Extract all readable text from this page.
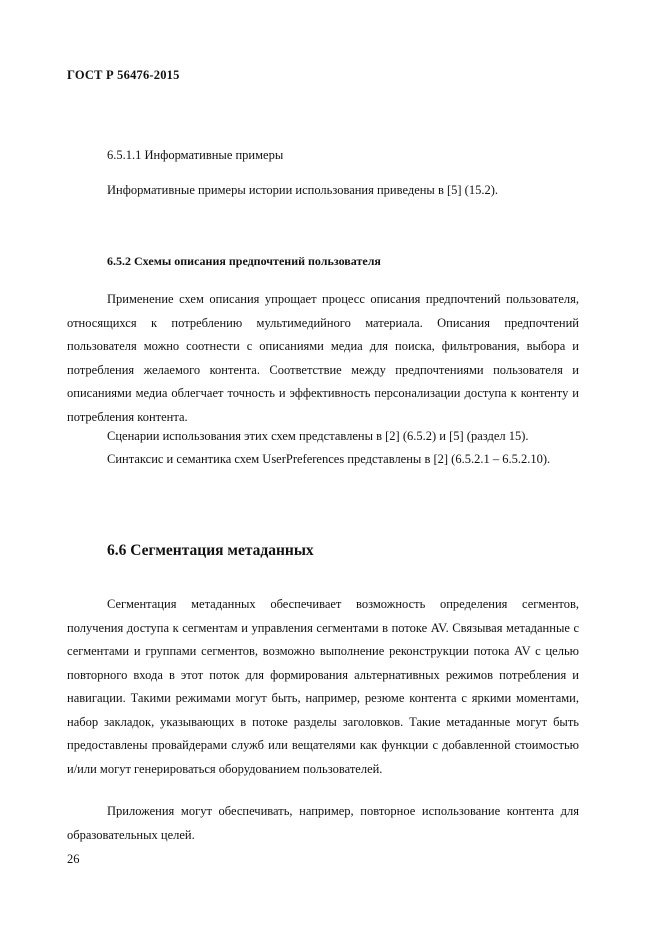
ГОСТ Р 56476-2015
6.5.1.1 Информативные примеры
Информативные примеры истории использования приведены в [5] (15.2).
6.5.2 Схемы описания предпочтений пользователя

Применение схем описания упрощает процесс описания предпочтений пользователя, относящихся к потреблению мультимедийного материала. Описания предпочтений пользователя можно соотнести с описаниями медиа для поиска, фильтрования, выбора и потребления желаемого контента. Соответствие между предпочтениями пользователя и описаниями медиа облегчает точность и эффективность персонализации доступа к контенту и потребления контента.

Сценарии использования этих схем представлены в [2] (6.5.2) и [5] (раздел 15).

Синтаксис и семантика схем UserPreferences представлены в [2] (6.5.2.1 – 6.5.2.10).

6.6 Сегментация метаданных

Сегментация метаданных обеспечивает возможность определения сегментов, получения доступа к сегментам и управления сегментами в потоке AV. Связывая метаданные с сегментами и группами сегментов, возможно выполнение реконструкции потока AV с целью повторного входа в этот поток для формирования альтернативных режимов потребления и навигации. Такими режимами могут быть, например, резюме контента с яркими моментами, набор закладок, указывающих в потоке разделы заголовков. Такие метаданные могут быть предоставлены провайдерами служб или вещателями как функции с добавленной стоимостью и/или могут генерироваться оборудованием пользователей.

Приложения могут обеспечивать, например, повторное использование контента для образовательных целей.

26
